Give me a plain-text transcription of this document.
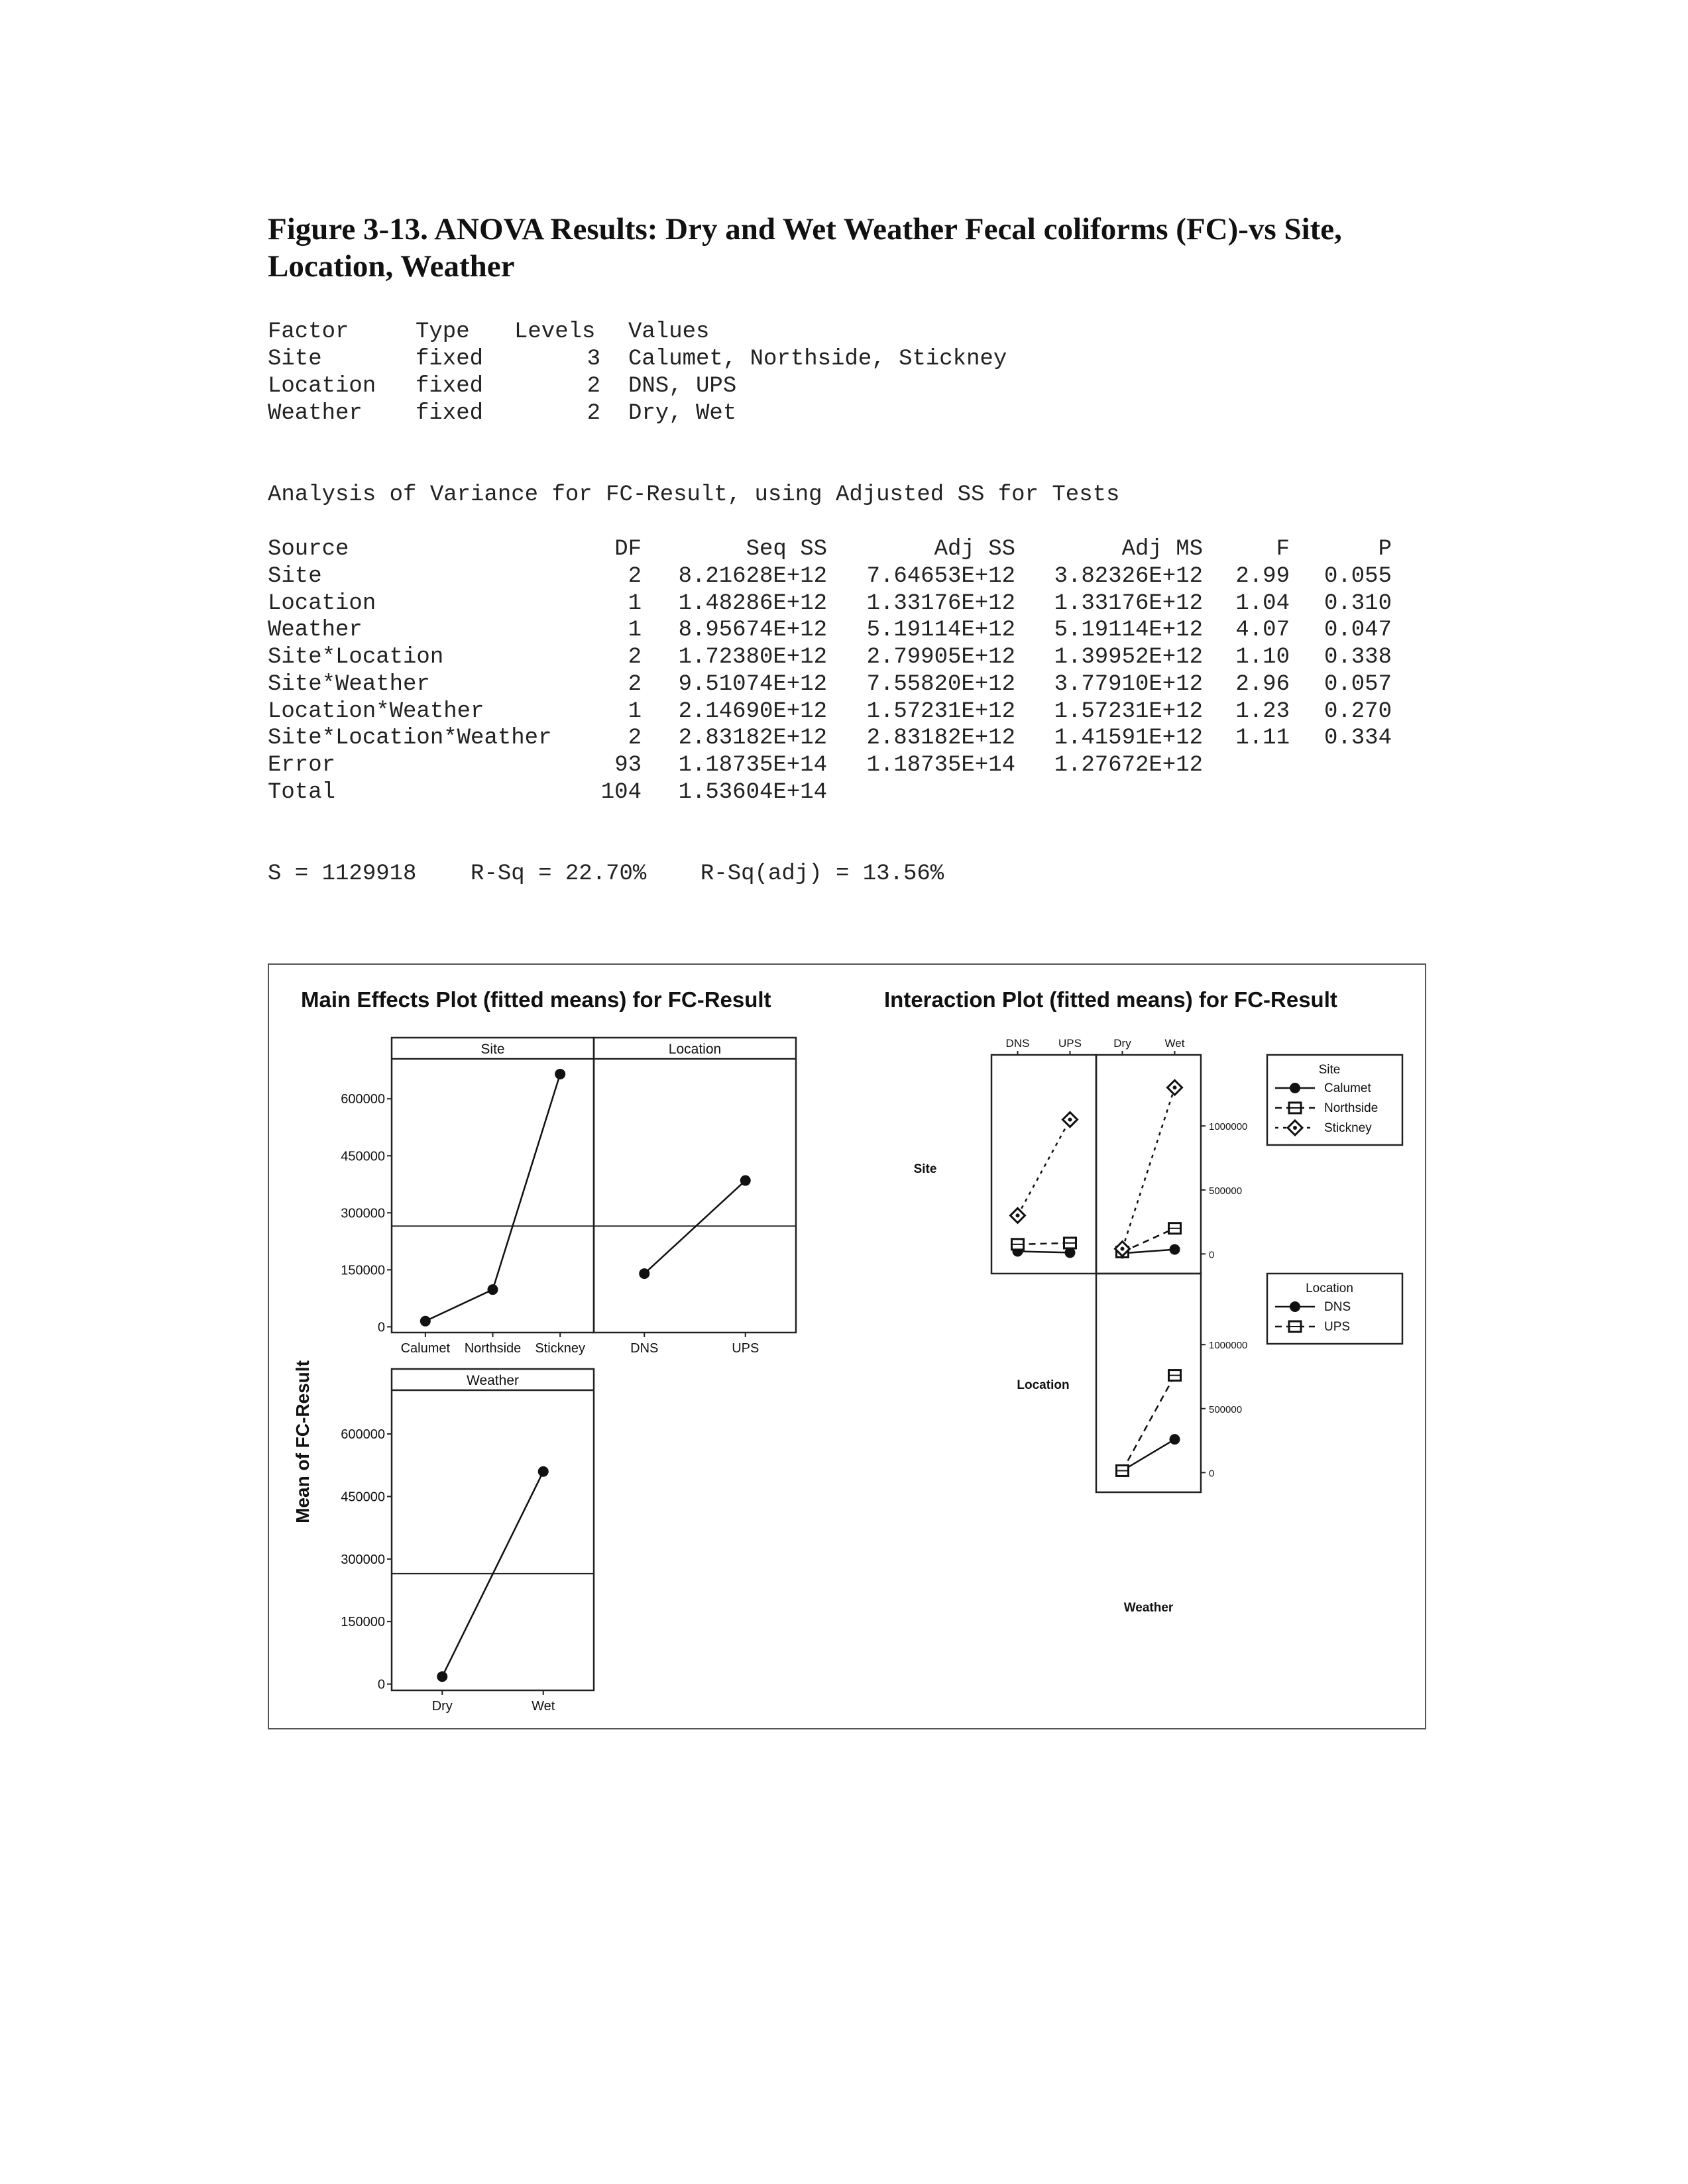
Figure 3-13. ANOVA Results: Dry and Wet Weather Fecal coliforms (FC)-vs Site, Location, Weather
Factor	Type Levels Values
Site	fixed	3 Calumet, Northside, Stickney
Location fixed	2 DNS, UPS
Weather fixed	2 Dry, Wet
Analysis of Variance for FC-Result, using Adjusted SS for Tests
Source	DF	Seq SS	Adj SS	Adj MS	F	P
Site	2	8.21628E+12	7.64653E+12	3.82326E+12	2.99	0.055
Location	1	1.48286E+12	1.33176E+12	1.33176E+12	1.04	0.310
Weather	1	8.95674E+12	5.19114E+12	5.19114E+12	4.07	0.047
Site*Location	2	1.72380E+12	2.79905E+12	1.39952E+12	1.10	0.338
Site*Weather	2	9.51074E+12	7.55820E+12	3.77910E+12	2.96	0.057
Location*Weather	1	2.14690E+12	1.57231E+12	1.57231E+12	1.23	0.270
Site*Location*Weather	2	2.83182E+12	2.83182E+12	1.41591E+12	1.11	0.334
Error	93	1.18735E+14	1.18735E+14	1.27672E+12
Total	104	1.53604E+14
S = 1129918    R-Sq = 22.70%    R-Sq(adj) = 13.56%
Main Effects Plot (fitted means) for FC-Result
Mean of FC-Result
Site
Calumet Northside Stickney
0
150000
300000
450000
600000
Location
DNS	UPS
Weather
Dry	Wet
0
150000
300000
450000
600000
Interaction Plot (fitted means) for FC-Result
DNS	UPS	Dry	Wet
0
500000
1000000
0
500000
1000000
Site
Location
Weather
Site
Calumet
Northside
Stickney
Location
DNS
UPS
